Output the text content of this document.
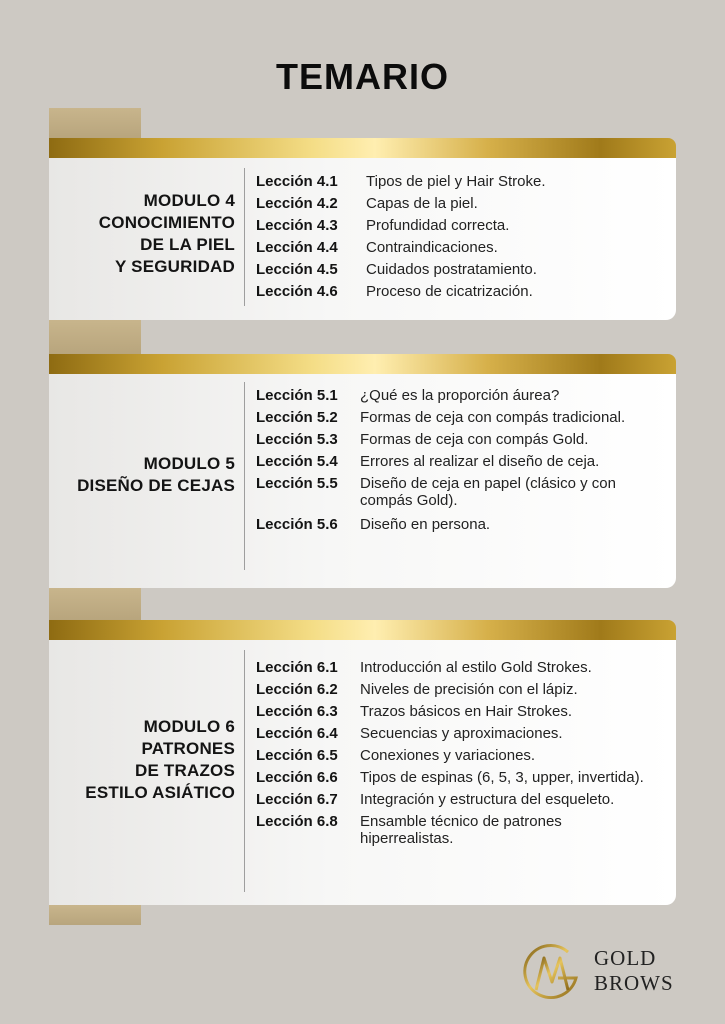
TEMARIO
MODULO 4
CONOCIMIENTO
DE LA PIEL
Y SEGURIDAD
Lección 4.1	Tipos de piel y Hair Stroke.
Lección 4.2	Capas de la piel.
Lección 4.3	Profundidad correcta.
Lección 4.4	Contraindicaciones.
Lección 4.5	Cuidados postratamiento.
Lección 4.6	Proceso de cicatrización.
MODULO 5
DISEÑO DE CEJAS
Lección 5.1	¿Qué es la proporción áurea?
Lección 5.2	Formas de ceja con compás tradicional.
Lección 5.3	Formas de ceja con compás Gold.
Lección 5.4	Errores al realizar el diseño de ceja.
Lección 5.5	Diseño de ceja en papel (clásico y con compás Gold).
Lección 5.6	Diseño en persona.
MODULO 6
PATRONES
DE TRAZOS
ESTILO ASIÁTICO
Lección 6.1	Introducción al estilo Gold Strokes.
Lección 6.2	Niveles de precisión con el lápiz.
Lección 6.3	Trazos básicos en Hair Strokes.
Lección 6.4	Secuencias y aproximaciones.
Lección 6.5	Conexiones y variaciones.
Lección 6.6	Tipos de espinas (6, 5, 3, upper, invertida).
Lección 6.7	Integración y estructura del esqueleto.
Lección 6.8	Ensamble técnico de patrones hiperrealistas.
GOLD
BROWS
